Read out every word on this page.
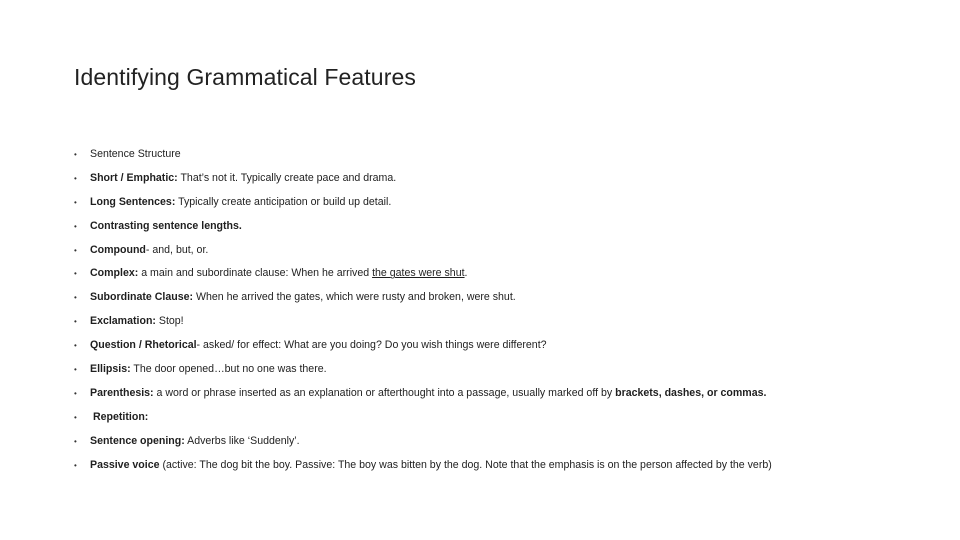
Identifying Grammatical Features
•	Sentence Structure
•	Short / Emphatic: That’s not it. Typically create pace and drama.
•	Long Sentences: Typically create anticipation or build up detail.
•	Contrasting sentence lengths.
•	Compound- and, but, or.
•	Complex: a main and subordinate clause: When he arrived the gates were shut.
•	Subordinate Clause: When he arrived the gates, which were rusty and broken, were shut.
•	Exclamation: Stop!
•	Question / Rhetorical- asked/ for effect: What are you doing? Do you wish things were different?
•	Ellipsis: The door opened…but no one was there.
•	Parenthesis: a word or phrase inserted as an explanation or afterthought into a passage, usually marked off by brackets, dashes, or commas.
•	Repetition:
•	Sentence opening: Adverbs like ‘Suddenly’.
•	Passive voice (active: The dog bit the boy. Passive: The boy was bitten by the dog. Note that the emphasis is on the person affected by the verb)
